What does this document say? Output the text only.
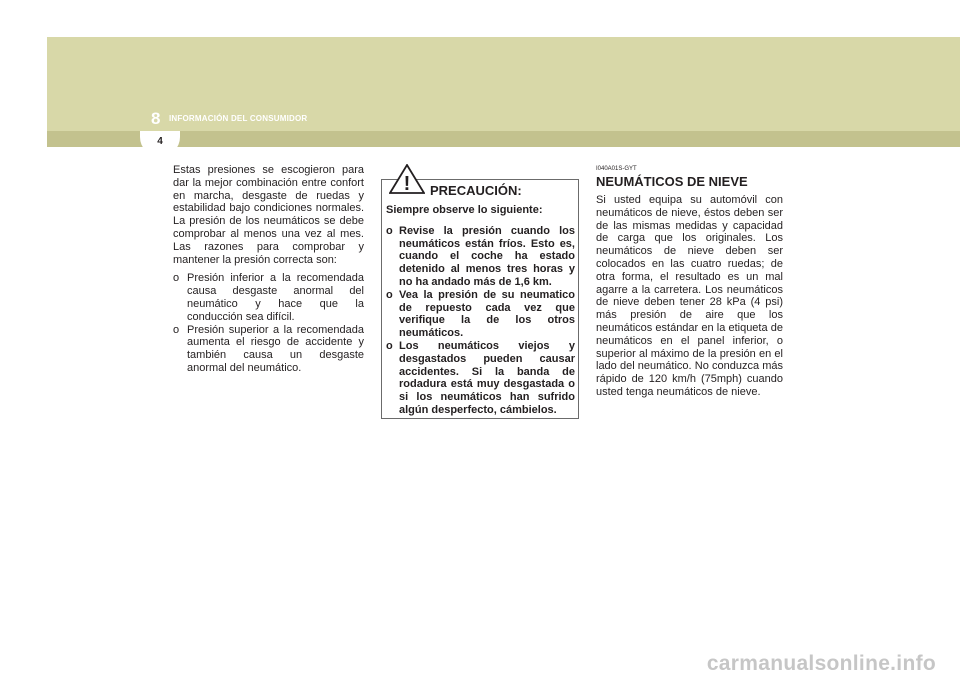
8 INFORMACIÓN DEL CONSUMIDOR
4

Estas presiones se escogieron para dar la mejor combinación entre confort en marcha, desgaste de ruedas y estabilidad bajo condiciones normales. La presión de los neumáticos se debe comprobar al menos una vez al mes. Las razones para comprobar y mantener la presión correcta son:

o Presión inferior a la recomendada causa desgaste anormal del neumático y hace que la conducción sea difícil.
o Presión superior a la recomendada aumenta el riesgo de accidente y también causa un desgaste anormal del neumático.
! PRECAUCIÓN:

Siempre observe lo siguiente:

o Revise la presión cuando los neumáticos están fríos. Esto es, cuando el coche ha estado detenido al menos tres horas y no ha andado más de 1,6 km.
o Vea la presión de su neumatico de repuesto cada vez que verifique la de los otros neumáticos.
o Los neumáticos viejos y desgastados pueden causar accidentes. Si la banda de rodadura está muy desgastada o si los neumáticos han sufrido algún desperfecto, cámbielos.
I040A01S-GYT
NEUMÁTICOS DE NIEVE

Si usted equipa su automóvil con neumáticos de nieve, éstos deben ser de las mismas medidas y capacidad de carga que los originales. Los neumáticos de nieve deben ser colocados en las cuatro ruedas; de otra forma, el resultado es un mal agarre a la carretera. Los neumáticos de nieve deben tener 28 kPa (4 psi) más presión de aire que los neumáticos estándar en la etiqueta de neumáticos en el panel inferior, o superior al máximo de la presión en el lado del neumático. No conduzca más rápido de 120 km/h (75mph) cuando usted tenga neumáticos de nieve.

carmanualsonline.info
